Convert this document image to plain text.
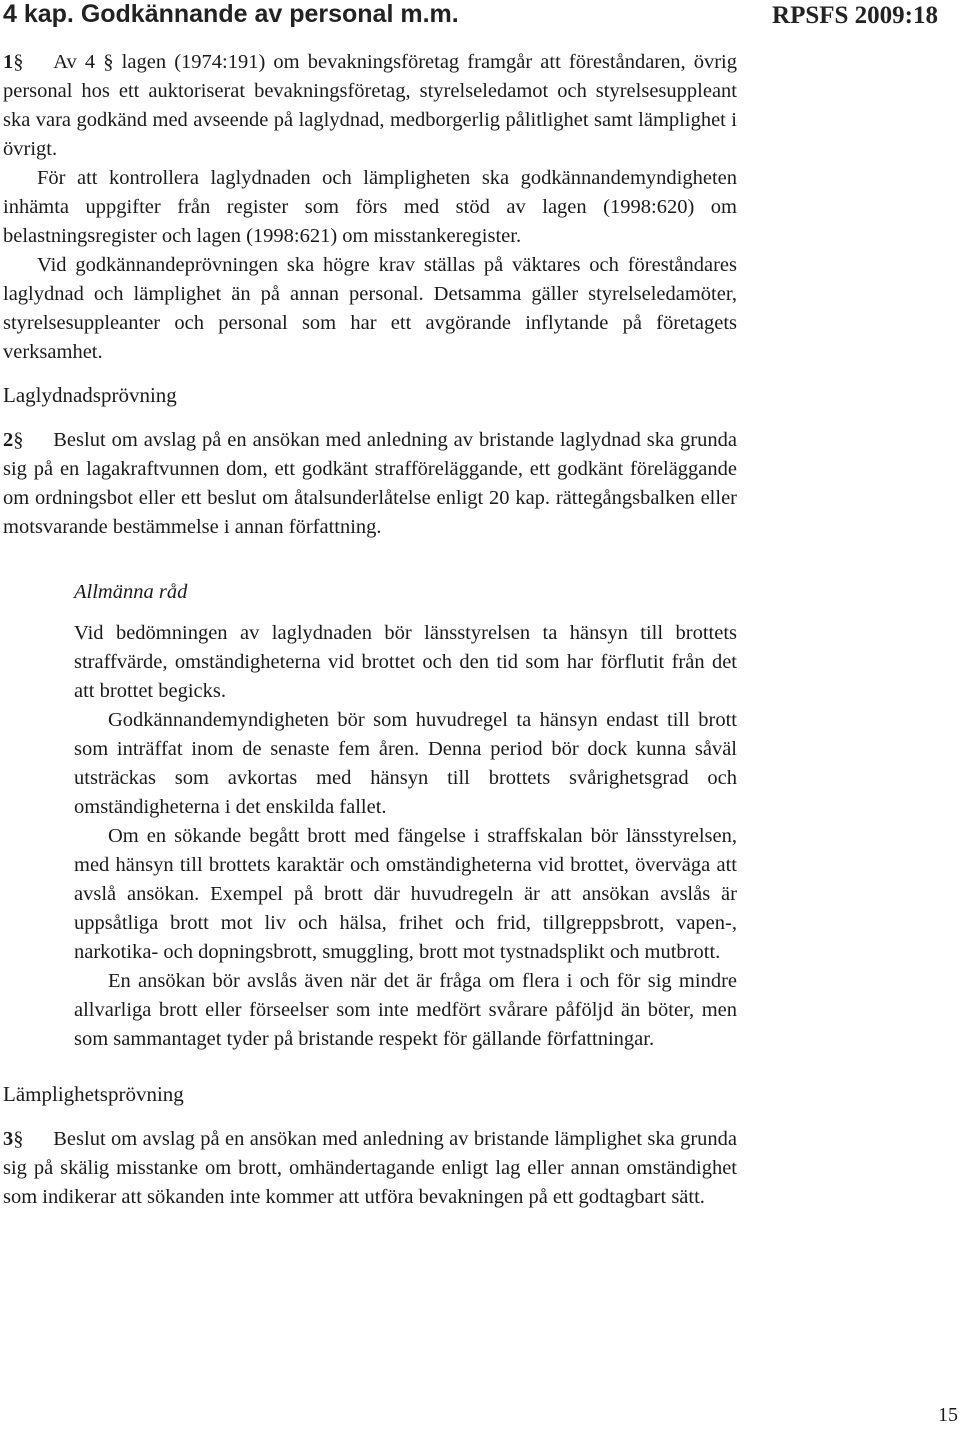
4 kap. Godkännande av personal m.m.	RPSFS 2009:18

1§ Av 4 § lagen (1974:191) om bevakningsföretag framgår att föreståndaren, övrig personal hos ett auktoriserat bevakningsföretag, styrelseledamot och styrelsesuppleant ska vara godkänd med avseende på laglydnad, medborgerlig pålitlighet samt lämplighet i övrigt.

För att kontrollera laglydnaden och lämpligheten ska godkännandemyndigheten inhämta uppgifter från register som förs med stöd av lagen (1998:620) om belastningsregister och lagen (1998:621) om misstankeregister.

Vid godkännandeprövningen ska högre krav ställas på väktares och föreståndares laglydnad och lämplighet än på annan personal. Detsamma gäller styrelseledamöter, styrelsesuppleanter och personal som har ett avgörande inflytande på företagets verksamhet.

Laglydnadsprövning

2§ Beslut om avslag på en ansökan med anledning av bristande laglydnad ska grunda sig på en lagakraftvunnen dom, ett godkänt strafföreläggande, ett godkänt föreläggande om ordningsbot eller ett beslut om åtalsunderlåtelse enligt 20 kap. rättegångsbalken eller motsvarande bestämmelse i annan författning.

Allmänna råd

Vid bedömningen av laglydnaden bör länsstyrelsen ta hänsyn till brottets straffvärde, omständigheterna vid brottet och den tid som har förflutit från det att brottet begicks.

Godkännandemyndigheten bör som huvudregel ta hänsyn endast till brott som inträffat inom de senaste fem åren. Denna period bör dock kunna såväl utsträckas som avkortas med hänsyn till brottets svårighetsgrad och omständigheterna i det enskilda fallet.

Om en sökande begått brott med fängelse i straffskalan bör länsstyrelsen, med hänsyn till brottets karaktär och omständigheterna vid brottet, överväga att avslå ansökan. Exempel på brott där huvudregeln är att ansökan avslås är uppsåtliga brott mot liv och hälsa, frihet och frid, tillgreppsbrott, vapen-, narkotika- och dopningsbrott, smuggling, brott mot tystnadsplikt och mutbrott.

En ansökan bör avslås även när det är fråga om flera i och för sig mindre allvarliga brott eller förseelser som inte medfört svårare påföljd än böter, men som sammantaget tyder på bristande respekt för gällande författningar.

Lämplighetsprövning

3§ Beslut om avslag på en ansökan med anledning av bristande lämplighet ska grunda sig på skälig misstanke om brott, omhändertagande enligt lag eller annan omständighet som indikerar att sökanden inte kommer att utföra bevakningen på ett godtagbart sätt.

15
